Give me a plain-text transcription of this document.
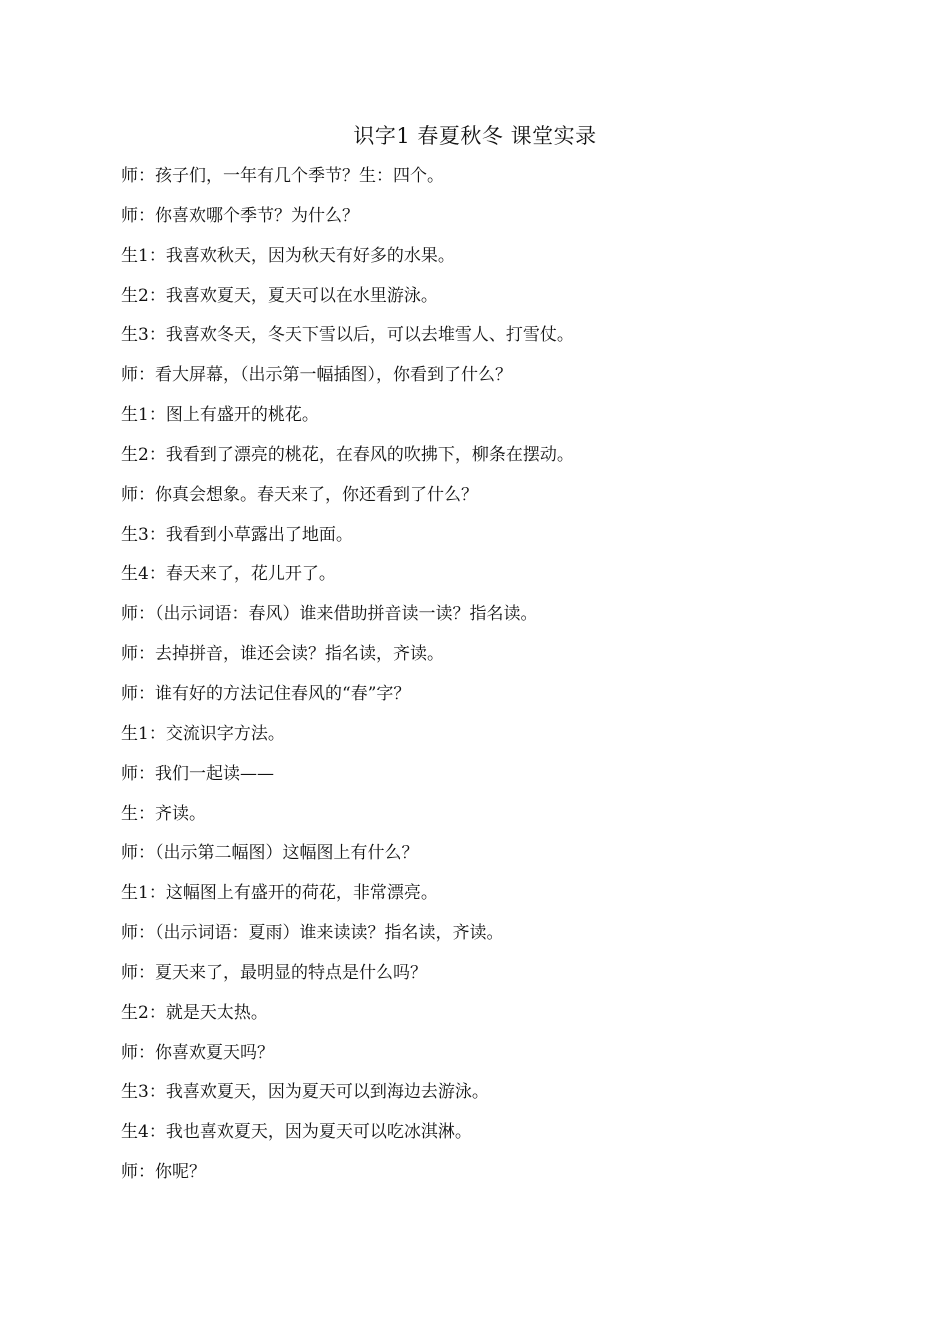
识字1 春夏秋冬 课堂实录
师：孩子们，一年有几个季节？生：四个。
师：你喜欢哪个季节？为什么？
生1：我喜欢秋天，因为秋天有好多的水果。
生2：我喜欢夏天，夏天可以在水里游泳。
生3：我喜欢冬天，冬天下雪以后，可以去堆雪人、打雪仗。
师：看大屏幕，（出示第一幅插图），你看到了什么？
生1：图上有盛开的桃花。
生2：我看到了漂亮的桃花，在春风的吹拂下，柳条在摆动。
师：你真会想象。春天来了，你还看到了什么？
生3：我看到小草露出了地面。
生4：春天来了，花儿开了。
师：（出示词语：春风）谁来借助拼音读一读？指名读。
师：去掉拼音，谁还会读？指名读，齐读。
师：谁有好的方法记住春风的“春”字？
生1：交流识字方法。
师：我们一起读——
生：齐读。
师：（出示第二幅图）这幅图上有什么？
生1：这幅图上有盛开的荷花，非常漂亮。
师：（出示词语：夏雨）谁来读读？指名读，齐读。
师：夏天来了，最明显的特点是什么吗？
生2：就是天太热。
师：你喜欢夏天吗？
生3：我喜欢夏天，因为夏天可以到海边去游泳。
生4：我也喜欢夏天，因为夏天可以吃冰淇淋。
师：你呢？
